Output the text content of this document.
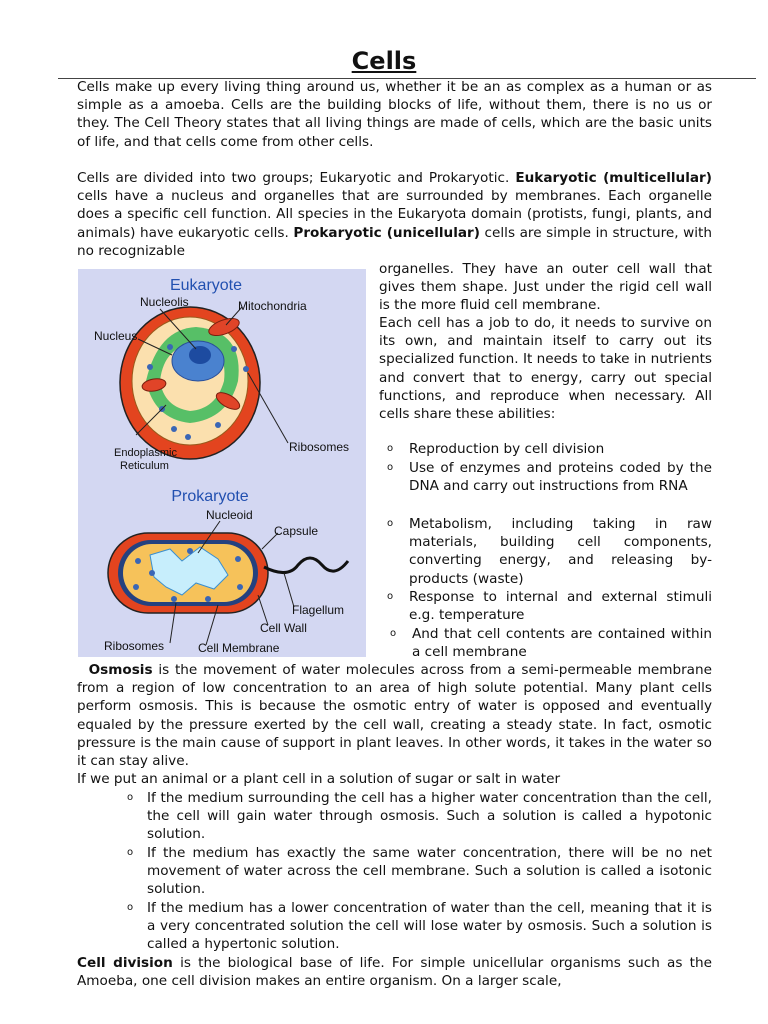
Cells

Cells make up every living thing around us, whether it be an as complex as a human or as simple as a amoeba. Cells are the building blocks of life, without them, there is no us or they. The Cell Theory states that all living things are made of cells, which are the basic units of life, and that cells come from other cells.

Cells are divided into two groups; Eukaryotic and Prokaryotic. Eukaryotic (multicellular) cells have a nucleus and organelles that are surrounded by membranes. Each organelle does a specific cell function. All species in the Eukaryota domain (protists, fungi, plants, and animals) have eukaryotic cells. Prokaryotic (unicellular) cells are simple in structure, with no recognizable

organelles. They have an outer cell wall that gives them shape. Just under the rigid cell wall is the more fluid cell membrane.

Each cell has a job to do, it needs to survive on its own, and maintain itself to carry out its specialized function. It needs to take in nutrients and convert that to energy, carry out special functions, and reproduce when necessary. All cells share these abilities:

o Reproduction by cell division

o Use of enzymes and proteins coded by the DNA and carry out instructions from RNA

o Metabolism, including taking in raw materials, building cell components, converting energy, and releasing by-products (waste)

o Response to internal and external stimuli e.g. temperature

o And that cell contents are contained within a cell membrane

Eukaryote
Nucleolis	Mitochondria
Nucleus
Endoplasmic
Reticulum
Ribosomes
Prokaryote
Nucleoid
Capsule
Flagellum
Cell Wall
Ribosomes	Cell Membrane

Osmosis is the movement of water molecules across from a semi-permeable membrane from a region of low concentration to an area of high solute potential. Many plant cells perform osmosis. This is because the osmotic entry of water is opposed and eventually equaled by the pressure exerted by the cell wall, creating a steady state. In fact, osmotic pressure is the main cause of support in plant leaves. In other words, it takes in the water so it can stay alive.

If we put an animal or a plant cell in a solution of sugar or salt in water

o If the medium surrounding the cell has a higher water concentration than the cell, the cell will gain water through osmosis. Such a solution is called a hypotonic solution.

o If the medium has exactly the same water concentration, there will be no net movement of water across the cell membrane. Such a solution is called a isotonic solution.

o If the medium has a lower concentration of water than the cell, meaning that it is a very concentrated solution the cell will lose water by osmosis. Such a solution is called a hypertonic solution.

Cell division is the biological base of life. For simple unicellular organisms such as the Amoeba, one cell division makes an entire organism. On a larger scale,
